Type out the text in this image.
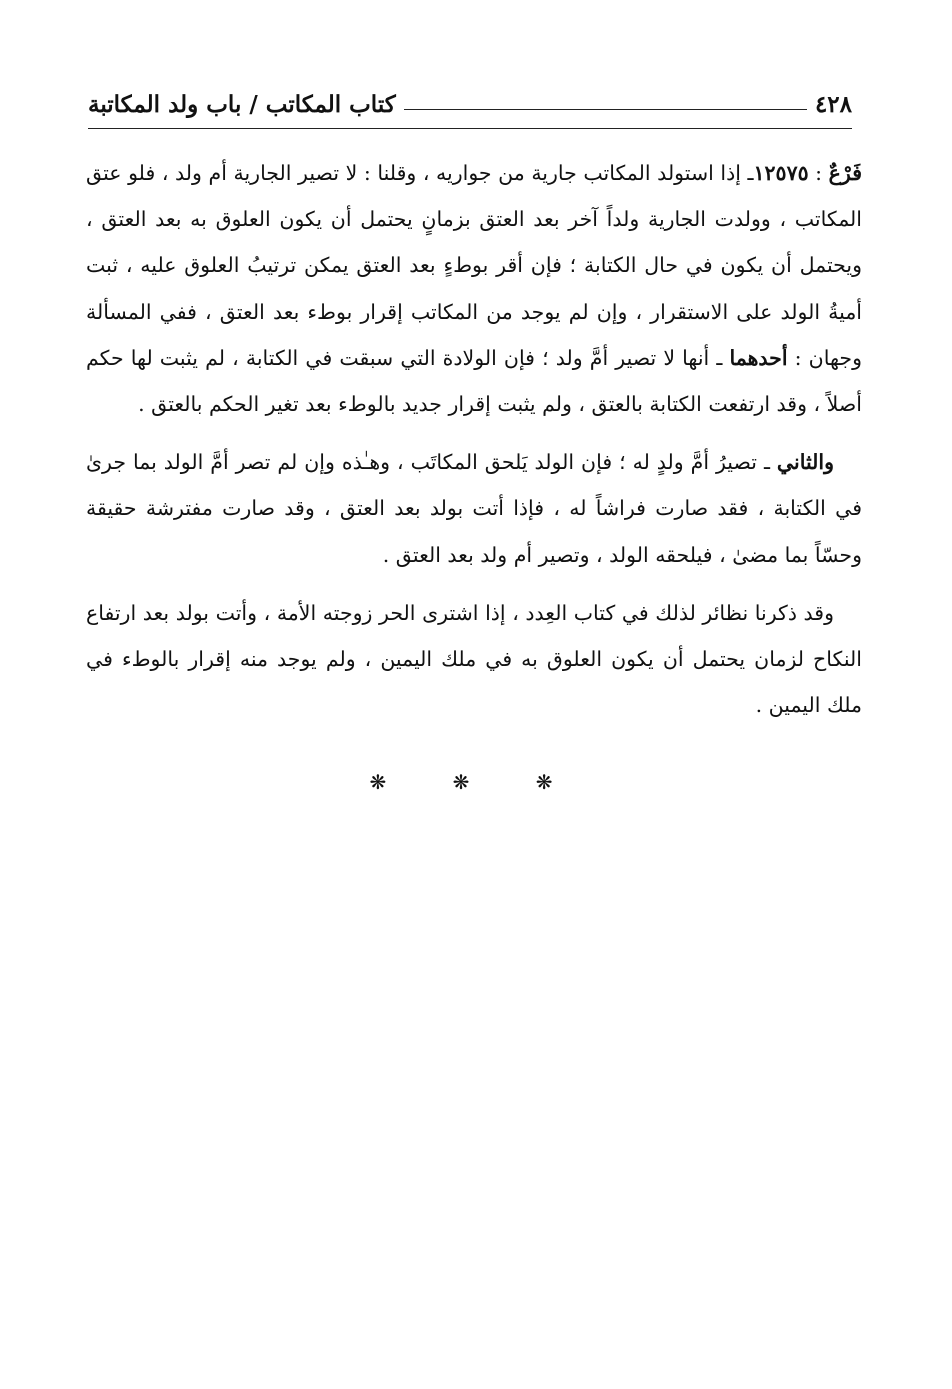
٤٢٨
كتاب المكاتب / باب ولد المكاتبة

فَرْعٌ : ١٢٥٧٥ـ إذا استولد المكاتب جارية من جواريه ، وقلنا : لا تصير الجارية أم ولد ، فلو عتق المكاتب ، وولدت الجارية ولداً آخر بعد العتق بزمانٍ يحتمل أن يكون العلوق به بعد العتق ، ويحتمل أن يكون في حال الكتابة ؛ فإن أقر بوطءٍ بعد العتق يمكن ترتيبُ العلوق عليه ، ثبت أميةُ الولد على الاستقرار ، وإن لم يوجد من المكاتب إقرار بوطء بعد العتق ، ففي المسألة وجهان : أحدهما ـ أنها لا تصير أمَّ ولد ؛ فإن الولادة التي سبقت في الكتابة ، لم يثبت لها حكم أصلاً ، وقد ارتفعت الكتابة بالعتق ، ولم يثبت إقرار جديد بالوطء بعد تغير الحكم بالعتق .

والثاني ـ تصيرُ أمَّ ولدٍ له ؛ فإن الولد يَلحق المكاتَب ، وهـٰذه وإن لم تصر أمَّ الولد بما جرىٰ في الكتابة ، فقد صارت فراشاً له ، فإذا أتت بولد بعد العتق ، وقد صارت مفترشة حقيقة وحسّاً بما مضىٰ ، فيلحقه الولد ، وتصير أم ولد بعد العتق .

وقد ذكرنا نظائر لذلك في كتاب العِدد ، إذا اشترى الحر زوجته الأمة ، وأتت بولد بعد ارتفاع النكاح لزمان يحتمل أن يكون العلوق به في ملك اليمين ، ولم يوجد منه إقرار بالوطء في ملك اليمين .

❋ ❋ ❋
